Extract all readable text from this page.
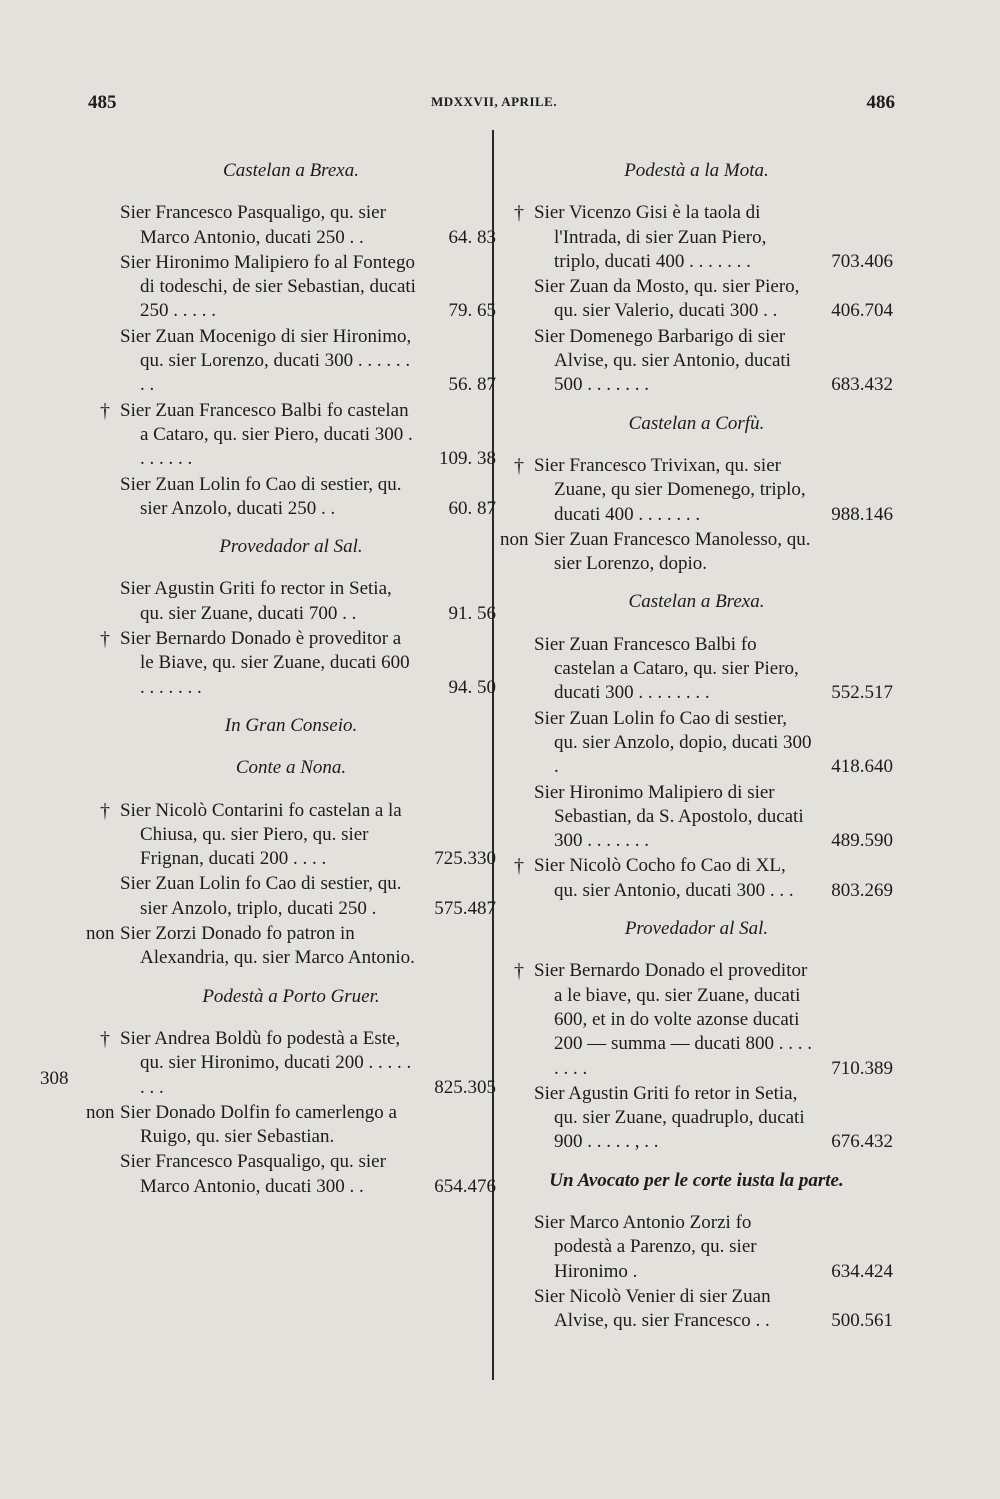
485	MDXXVII, APRILE.	486
308
Castelan a Brexa.
Sier Francesco Pasqualigo, qu. sier Marco Antonio, ducati 250 . .	64. 83
Sier Hironimo Malipiero fo al Fontego di todeschi, de sier Sebastian, ducati 250 . . . . .	79. 65
Sier Zuan Mocenigo di sier Hironimo, qu. sier Lorenzo, ducati 300 . . . . . . . .	56. 87
† Sier Zuan Francesco Balbi fo castelan a Cataro, qu. sier Piero, ducati 300 . . . . . . .	109. 38
Sier Zuan Lolin fo Cao di sestier, qu. sier Anzolo, ducati 250 . .	60. 87
Provedador al Sal.
Sier Agustin Griti fo rector in Setia, qu. sier Zuane, ducati 700 . .	91. 56
† Sier Bernardo Donado è proveditor a le Biave, qu. sier Zuane, ducati 600 . . . . . . .	94. 50
In Gran Conseio.
Conte a Nona.
† Sier Nicolò Contarini fo castelan a la Chiusa, qu. sier Piero, qu. sier Frignan, ducati 200 . . . .	725.330
Sier Zuan Lolin fo Cao di sestier, qu. sier Anzolo, triplo, ducati 250 .	575.487
non Sier Zorzi Donado fo patron in Alexandria, qu. sier Marco Antonio.
Podestà a Porto Gruer.
† Sier Andrea Boldù fo podestà a Este, qu. sier Hironimo, ducati 200 . . . . . . . .	825.305
non Sier Donado Dolfin fo camerlengo a Ruigo, qu. sier Sebastian.
Sier Francesco Pasqualigo, qu. sier Marco Antonio, ducati 300 . .	654.476
Podestà a la Mota.
† Sier Vicenzo Gisi è la taola di l'Intrada, di sier Zuan Piero, triplo, ducati 400 . . . . . . .	703.406
Sier Zuan da Mosto, qu. sier Piero, qu. sier Valerio, ducati 300 . .	406.704
Sier Domenego Barbarigo di sier Alvise, qu. sier Antonio, ducati 500 . . . . . . .	683.432
Castelan a Corfù.
† Sier Francesco Trivixan, qu. sier Zuane, qu sier Domenego, triplo, ducati 400 . . . . . . .	988.146
non Sier Zuan Francesco Manolesso, qu. sier Lorenzo, dopio.
Castelan a Brexa.
Sier Zuan Francesco Balbi fo castelan a Cataro, qu. sier Piero, ducati 300 . . . . . . . .	552.517
Sier Zuan Lolin fo Cao di sestier, qu. sier Anzolo, dopio, ducati 300 .	418.640
Sier Hironimo Malipiero di sier Sebastian, da S. Apostolo, ducati 300 . . . . . . .	489.590
† Sier Nicolò Cocho fo Cao di XL, qu. sier Antonio, ducati 300 . . .	803.269
Provedador al Sal.
† Sier Bernardo Donado el proveditor a le biave, qu. sier Zuane, ducati 600, et in do volte azonse ducati 200 — summa — ducati 800 . . . . . . . .	710.389
Sier Agustin Griti fo retor in Setia, qu. sier Zuane, quadruplo, ducati 900 . . . . . , . .	676.432
Un Avocato per le corte iusta la parte.
Sier Marco Antonio Zorzi fo podestà a Parenzo, qu. sier Hironimo .	634.424
Sier Nicolò Venier di sier Zuan Alvise, qu. sier Francesco . .	500.561
